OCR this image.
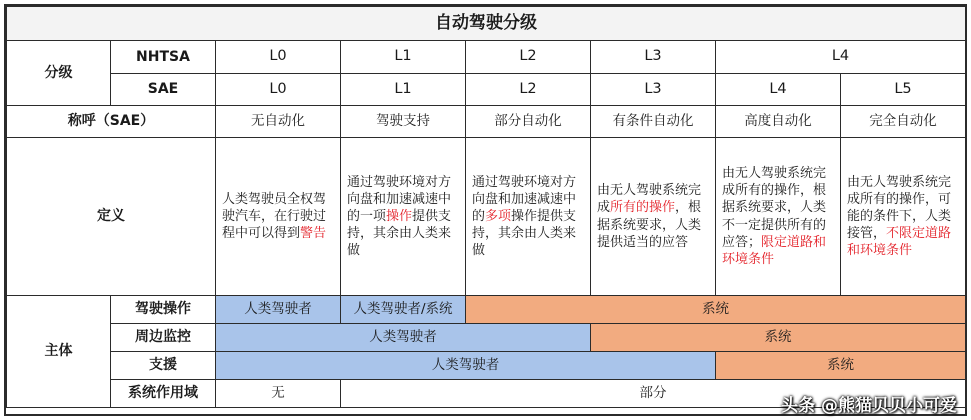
自动驾驶分级							
分级	NHTSA	L0	L1	L2	L3	L4	
	SAE	L0	L1	L2	L3	L4	L5
称呼（SAE）		无自动化	驾驶支持	部分自动化	有条件自动化	高度自动化	完全自动化
定义		人类驾驶员全权驾驶汽车，在行驶过程中可以得到警告	通过驾驶环境对方向盘和加速减速中的一项操作提供支持，其余由人类来做	通过驾驶环境对方向盘和加速减速中的多项操作提供支持，其余由人类来做	由无人驾驶系统完成所有的操作，根据系统要求，人类提供适当的应答	由无人驾驶系统完成所有的操作，根据系统要求，人类不一定提供所有的应答；限定道路和环境条件	由无人驾驶系统完成所有的操作，可能的条件下，人类接管，不限定道路和环境条件
主体	驾驶操作	人类驾驶者	人类驾驶者/系统	系统			
	周边监控	人类驾驶者			系统		
	支援	人类驾驶者				系统	
	系统作用域	无	部分				
头条 @熊猫贝贝小可爱
